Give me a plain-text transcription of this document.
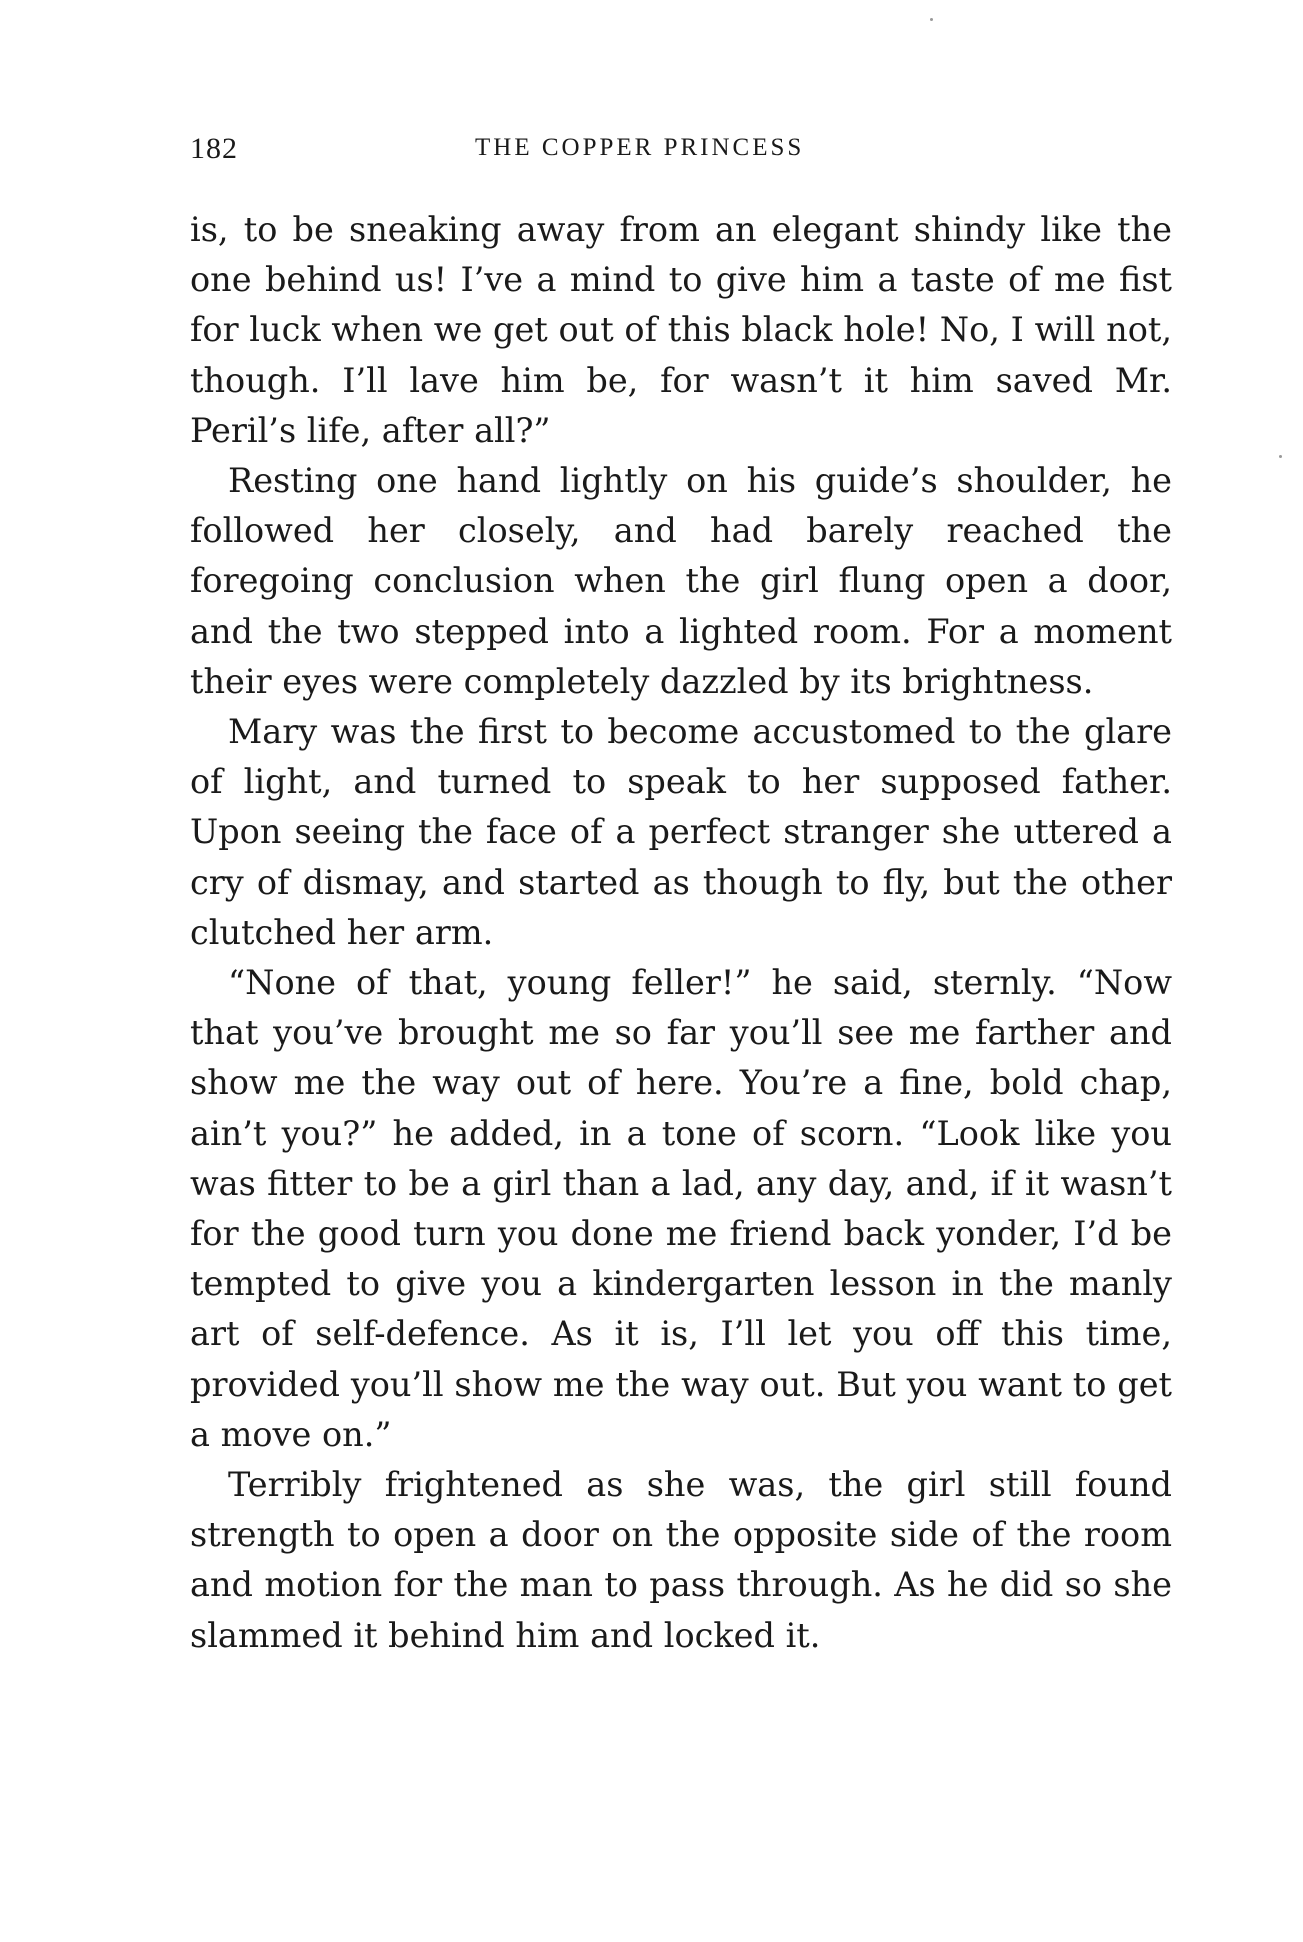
182	THE COPPER PRINCESS

is, to be sneaking away from an elegant shindy like the one behind us! I’ve a mind to give him a taste of me fist for luck when we get out of this black hole! No, I will not, though. I’ll lave him be, for wasn’t it him saved Mr. Peril’s life, after all?”

Resting one hand lightly on his guide’s shoulder, he followed her closely, and had barely reached the foregoing conclusion when the girl flung open a door, and the two stepped into a lighted room. For a moment their eyes were completely dazzled by its brightness.

Mary was the first to become accustomed to the glare of light, and turned to speak to her supposed father. Upon seeing the face of a perfect stranger she uttered a cry of dismay, and started as though to fly, but the other clutched her arm.

“None of that, young feller!” he said, sternly. “Now that you’ve brought me so far you’ll see me farther and show me the way out of here. You’re a fine, bold chap, ain’t you?” he added, in a tone of scorn. “Look like you was fitter to be a girl than a lad, any day, and, if it wasn’t for the good turn you done me friend back yonder, I’d be tempted to give you a kindergarten lesson in the manly art of self-defence. As it is, I’ll let you off this time, provided you’ll show me the way out. But you want to get a move on.”

Terribly frightened as she was, the girl still found strength to open a door on the opposite side of the room and motion for the man to pass through. As he did so she slammed it behind him and locked it.
